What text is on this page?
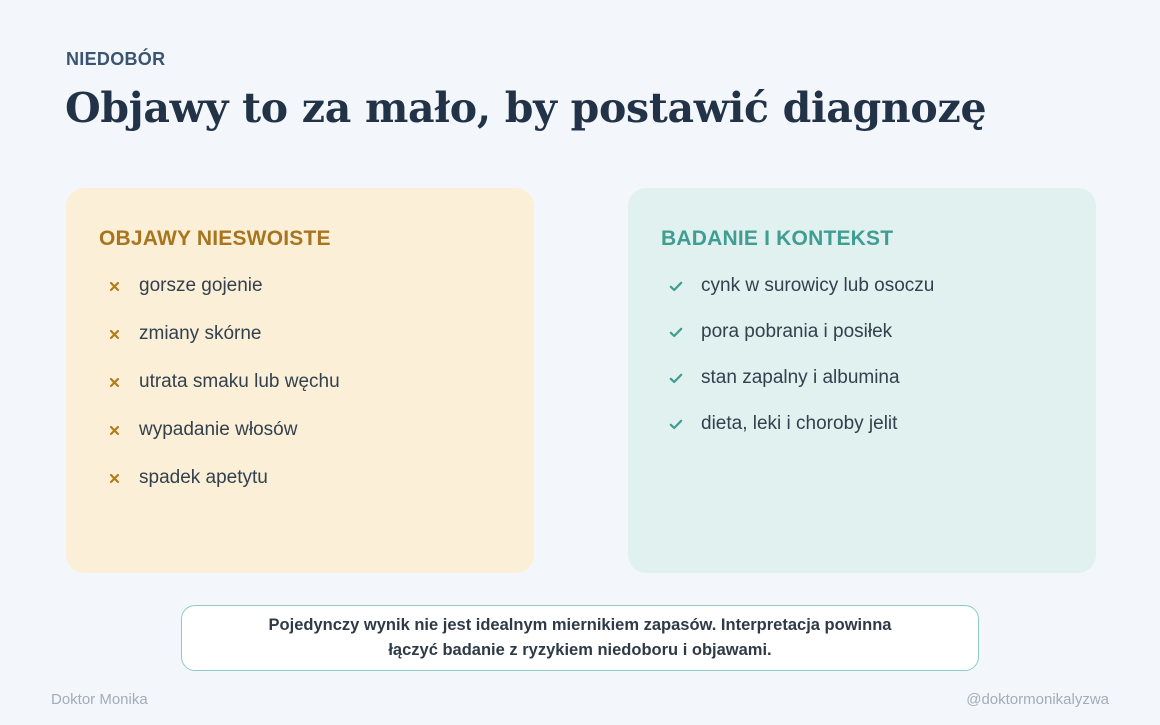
NIEDOBÓR
Objawy to za mało, by postawić diagnozę
OBJAWY NIESWOISTE
gorsze gojenie
zmiany skórne
utrata smaku lub węchu
wypadanie włosów
spadek apetytu
BADANIE I KONTEKST
cynk w surowicy lub osoczu
pora pobrania i posiłek
stan zapalny i albumina
dieta, leki i choroby jelit
Pojedynczy wynik nie jest idealnym miernikiem zapasów. Interpretacja powinna
łączyć badanie z ryzykiem niedoboru i objawami.
Doktor Monika	@doktormonikalyzwa
